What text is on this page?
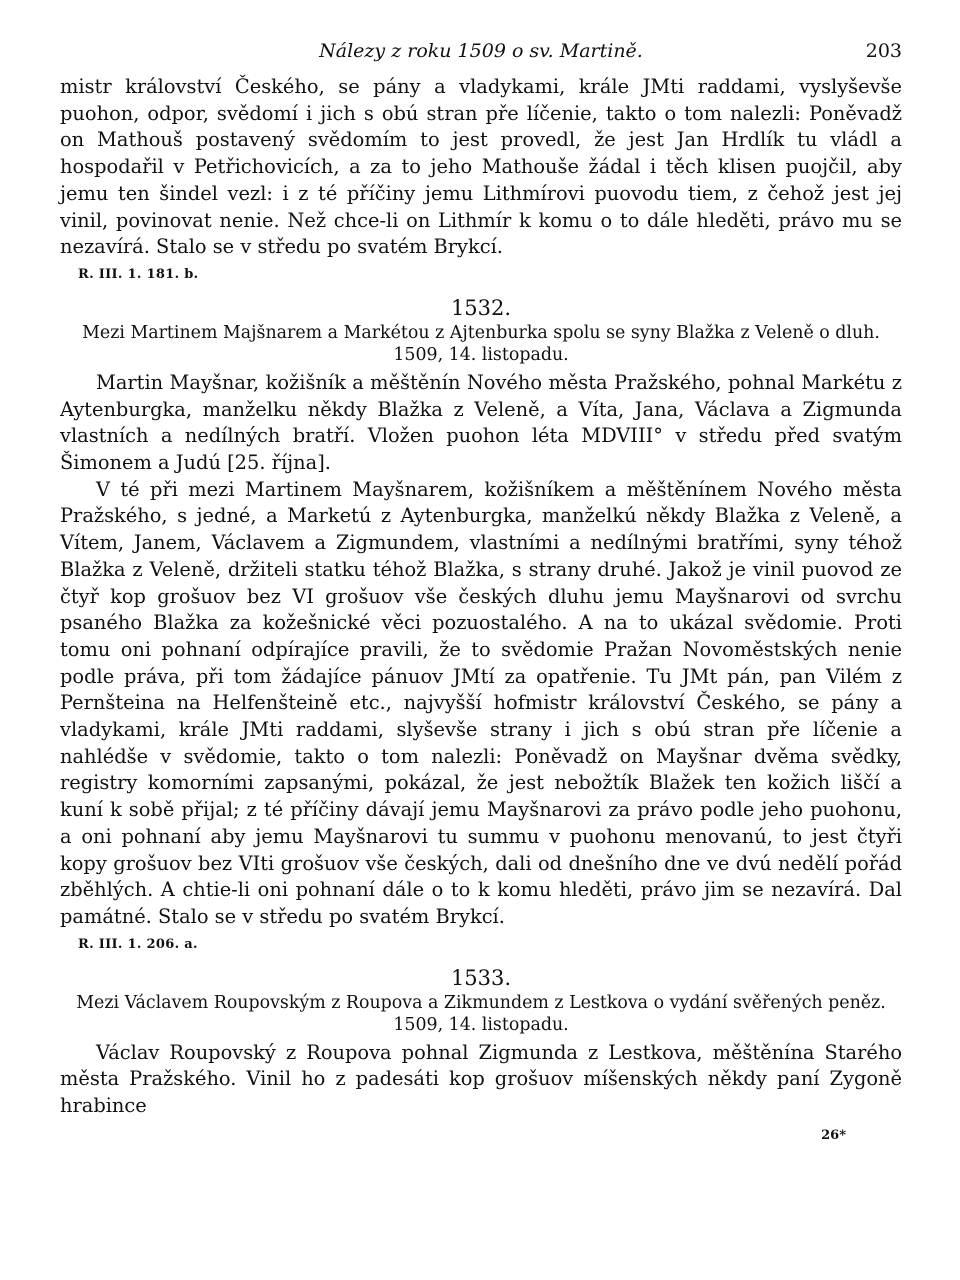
Nálezy z roku 1509 o sv. Martině.	203

mistr království Českého, se pány a vladykami, krále JMti raddami, vyslyševše puohon, odpor, svědomí i jich s obú stran pře líčenie, takto o tom nalezli: Poněvadž on Mathouš postavený svědomím to jest provedl, že jest Jan Hrdlík tu vládl a hospodařil v Petřichovicích, a za to jeho Mathouše žádal i těch klisen puojčil, aby jemu ten šindel vezl: i z té příčiny jemu Lithmírovi puovodu tiem, z čehož jest jej vinil, povinovat nenie. Než chce-li on Lithmír k komu o to dále hleděti, právo mu se nezavírá. Stalo se v středu po svatém Brykcí.

R. III. 1. 181. b.
1532.
Mezi Martinem Majšnarem a Markétou z Ajtenburka spolu se syny Blažka z Veleně o dluh.
1509, 14. listopadu.

Martin Mayšnar, kožišník a měštěnín Nového města Pražského, pohnal Markétu z Aytenburgka, manželku někdy Blažka z Veleně, a Víta, Jana, Václava a Zigmunda vlastních a nedílných bratří. Vložen puohon léta MDVIII° v středu před svatým Šimonem a Judú [25. října].

V té při mezi Martinem Mayšnarem, kožišníkem a měštěnínem Nového města Pražského, s jedné, a Marketú z Aytenburgka, manželkú někdy Blažka z Veleně, a Vítem, Janem, Václavem a Zigmundem, vlastními a nedílnými bratřími, syny téhož Blažka z Veleně, držiteli statku téhož Blažka, s strany druhé. Jakož je vinil puovod ze čtyř kop grošuov bez VI grošuov vše českých dluhu jemu Mayšnarovi od svrchu psaného Blažka za kožešnické věci pozuostalého. A na to ukázal svědomie. Proti tomu oni pohnaní odpírajíce pravili, že to svědomie Pražan Novoměstských nenie podle práva, při tom žádajíce pánuov JMtí za opatřenie. Tu JMt pán, pan Vilém z Pernšteina na Helfenšteině etc., najvyšší hofmistr království Českého, se pány a vladykami, krále JMti raddami, slyševše strany i jich s obú stran pře líčenie a nahlédše v svědomie, takto o tom nalezli: Poněvadž on Mayšnar dvěma svědky, registry komorními zapsanými, pokázal, že jest nebožtík Blažek ten kožich liščí a kuní k sobě přijal; z té příčiny dávají jemu Mayšnarovi za právo podle jeho puohonu, a oni pohnaní aby jemu Mayšnarovi tu summu v puohonu menovanú, to jest čtyři kopy grošuov bez VIti grošuov vše českých, dali od dnešního dne ve dvú nedělí pořád zběhlých. A chtie-li oni pohnaní dále o to k komu hleděti, právo jim se nezavírá. Dal památné. Stalo se v středu po svatém Brykcí.

R. III. 1. 206. a.
1533.
Mezi Václavem Roupovským z Roupova a Zikmundem z Lestkova o vydání svěřených peněz.
1509, 14. listopadu.

Václav Roupovský z Roupova pohnal Zigmunda z Lestkova, měštěnína Starého města Pražského. Vinil ho z padesáti kop grošuov míšenských někdy paní Zygoně hrabince

26*
